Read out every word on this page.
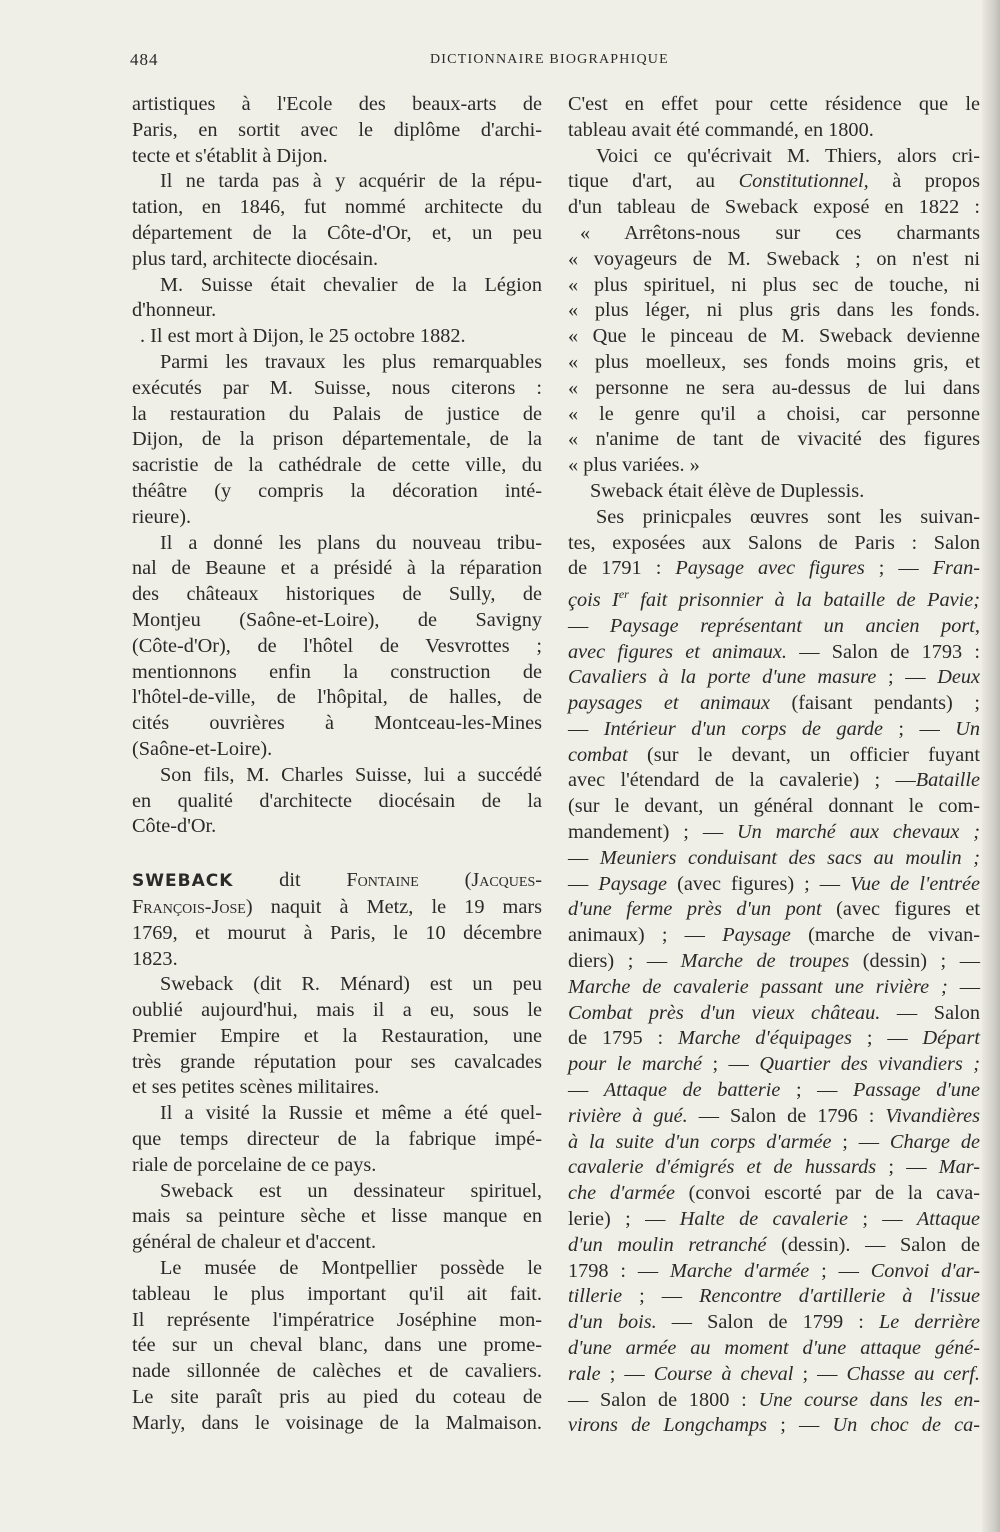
484	DICTIONNAIRE BIOGRAPHIQUE
artistiques à l'Ecole des beaux-arts de
Paris, en sortit avec le diplôme d'archi-
tecte et s'établit à Dijon.
Il ne tarda pas à y acquérir de la répu-
tation, en 1846, fut nommé architecte du
département de la Côte-d'Or, et, un peu
plus tard, architecte diocésain.
M. Suisse était chevalier de la Légion
d'honneur.
. Il est mort à Dijon, le 25 octobre 1882.
Parmi les travaux les plus remarquables
exécutés par M. Suisse, nous citerons :
la restauration du Palais de justice de
Dijon, de la prison départementale, de la
sacristie de la cathédrale de cette ville, du
théâtre (y compris la décoration inté-
rieure).
Il a donné les plans du nouveau tribu-
nal de Beaune et a présidé à la réparation
des châteaux historiques de Sully, de
Montjeu (Saône-et-Loire), de Savigny
(Côte-d'Or), de l'hôtel de Vesvrottes ;
mentionnons enfin la construction de
l'hôtel-de-ville, de l'hôpital, de halles, de
cités ouvrières à Montceau-les-Mines
(Saône-et-Loire).
Son fils, M. Charles Suisse, lui a succédé
en qualité d'architecte diocésain de la
Côte-d'Or.
SWEBACK dit Fontaine (Jacques-
François-Jose) naquit à Metz, le 19 mars
1769, et mourut à Paris, le 10 décembre
1823.
Sweback (dit R. Ménard) est un peu
oublié aujourd'hui, mais il a eu, sous le
Premier Empire et la Restauration, une
très grande réputation pour ses cavalcades
et ses petites scènes militaires.
Il a visité la Russie et même a été quel-
que temps directeur de la fabrique impé-
riale de porcelaine de ce pays.
Sweback est un dessinateur spirituel,
mais sa peinture sèche et lisse manque en
général de chaleur et d'accent.
Le musée de Montpellier possède le
tableau le plus important qu'il ait fait.
Il représente l'impératrice Joséphine mon-
tée sur un cheval blanc, dans une prome-
nade sillonnée de calèches et de cavaliers.
Le site paraît pris au pied du coteau de
Marly, dans le voisinage de la Malmaison.
C'est en effet pour cette résidence que le
tableau avait été commandé, en 1800.
Voici ce qu'écrivait M. Thiers, alors cri-
tique d'art, au Constitutionnel, à propos
d'un tableau de Sweback exposé en 1822 :
« Arrêtons-nous sur ces charmants
« voyageurs de M. Sweback ; on n'est ni
« plus spirituel, ni plus sec de touche, ni
« plus léger, ni plus gris dans les fonds.
« Que le pinceau de M. Sweback devienne
« plus moelleux, ses fonds moins gris, et
« personne ne sera au-dessus de lui dans
« le genre qu'il a choisi, car personne
« n'anime de tant de vivacité des figures
« plus variées. »
Sweback était élève de Duplessis.
Ses prinicpales œuvres sont les suivan-
tes, exposées aux Salons de Paris : Salon
de 1791 : Paysage avec figures ; — Fran-
çois Ier fait prisonnier à la bataille de Pavie;
— Paysage représentant un ancien port,
avec figures et animaux. — Salon de 1793 :
Cavaliers à la porte d'une masure ; — Deux
paysages et animaux (faisant pendants) ;
— Intérieur d'un corps de garde ; — Un
combat (sur le devant, un officier fuyant
avec l'étendard de la cavalerie) ; —Bataille
(sur le devant, un général donnant le com-
mandement) ; — Un marché aux chevaux ;
— Meuniers conduisant des sacs au moulin ;
— Paysage (avec figures) ; — Vue de l'entrée
d'une ferme près d'un pont (avec figures et
animaux) ; — Paysage (marche de vivan-
diers) ; — Marche de troupes (dessin) ; —
Marche de cavalerie passant une rivière ; —
Combat près d'un vieux château. — Salon
de 1795 : Marche d'équipages ; — Départ
pour le marché ; — Quartier des vivandiers ;
— Attaque de batterie ; — Passage d'une
rivière à gué. — Salon de 1796 : Vivandières
à la suite d'un corps d'armée ; — Charge de
cavalerie d'émigrés et de hussards ; — Mar-
che d'armée (convoi escorté par de la cava-
lerie) ; — Halte de cavalerie ; — Attaque
d'un moulin retranché (dessin). — Salon de
1798 : — Marche d'armée ; — Convoi d'ar-
tillerie ; — Rencontre d'artillerie à l'issue
d'un bois. — Salon de 1799 : Le derrière
d'une armée au moment d'une attaque géné-
rale ; — Course à cheval ; — Chasse au cerf.
— Salon de 1800 : Une course dans les en-
virons de Longchamps ; — Un choc de ca-
